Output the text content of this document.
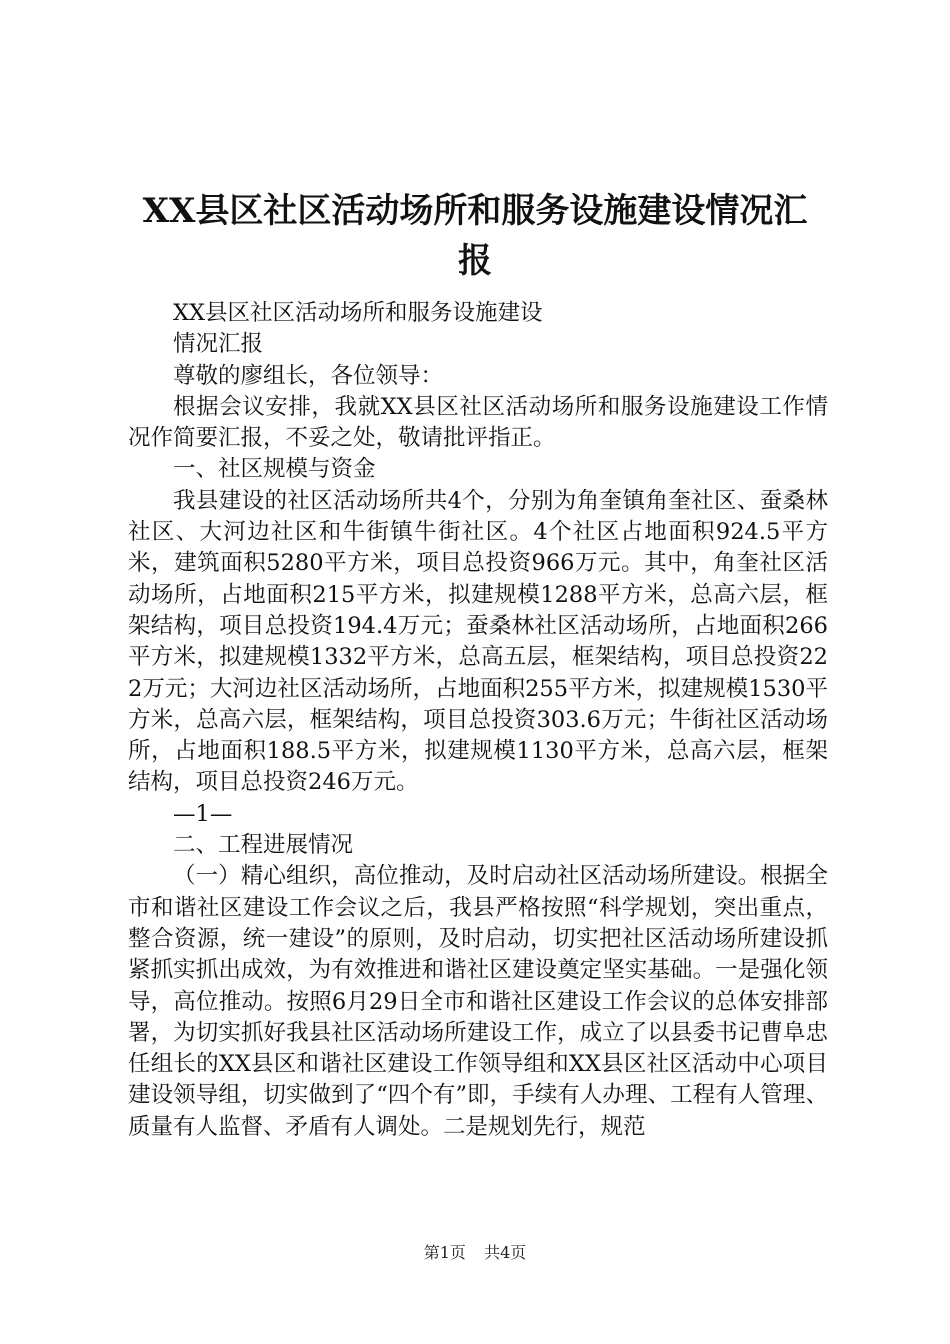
XX县区社区活动场所和服务设施建设情况汇
报

XX县区社区活动场所和服务设施建设

情况汇报

尊敬的廖组长，各位领导：

根据会议安排，我就XX县区社区活动场所和服务设施建设工作情况作简要汇报，不妥之处，敬请批评指正。

一、社区规模与资金

我县建设的社区活动场所共4个，分别为角奎镇角奎社区、蚕桑林社区、大河边社区和牛街镇牛街社区。4个社区占地面积924.5平方米，建筑面积5280平方米，项目总投资966万元。其中，角奎社区活动场所，占地面积215平方米，拟建规模1288平方米，总高六层，框架结构，项目总投资194.4万元；蚕桑林社区活动场所，占地面积266平方米，拟建规模1332平方米，总高五层，框架结构，项目总投资222万元；大河边社区活动场所，占地面积255平方米，拟建规模1530平方米，总高六层，框架结构，项目总投资303.6万元；牛街社区活动场所，占地面积188.5平方米，拟建规模1130平方米，总高六层，框架结构，项目总投资246万元。

—1—

二、工程进展情况

（一）精心组织，高位推动，及时启动社区活动场所建设。根据全市和谐社区建设工作会议之后，我县严格按照“科学规划，突出重点，整合资源，统一建设”的原则，及时启动，切实把社区活动场所建设抓紧抓实抓出成效，为有效推进和谐社区建设奠定坚实基础。一是强化领导，高位推动。按照6月29日全市和谐社区建设工作会议的总体安排部署，为切实抓好我县社区活动场所建设工作，成立了以县委书记曹阜忠任组长的XX县区和谐社区建设工作领导组和XX县区社区活动中心项目建设领导组，切实做到了“四个有”即，手续有人办理、工程有人管理、质量有人监督、矛盾有人调处。二是规划先行，规范

第1页 共4页
